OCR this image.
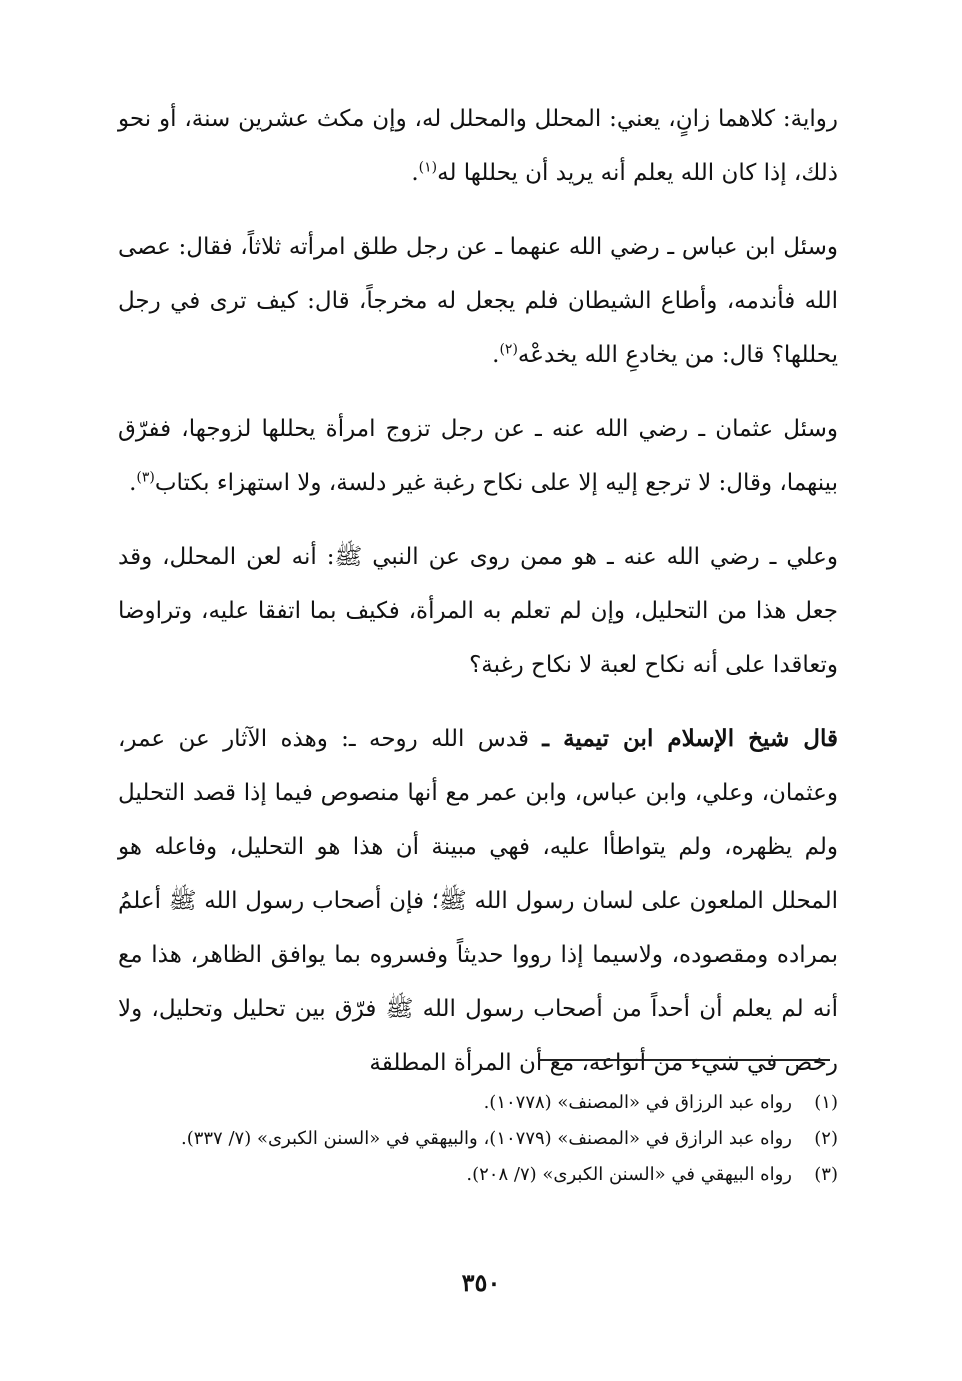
رواية: كلاهما زانٍ، يعني: المحلل والمحلل له، وإن مكث عشرين سنة، أو نحو ذلك، إذا كان الله يعلم أنه يريد أن يحللها له$^{(١)}$.

وسئل ابن عباس ـ رضي الله عنهما ـ عن رجل طلق امرأته ثلاثاً، فقال: عصى الله فأندمه، وأطاع الشيطان فلم يجعل له مخرجاً، قال: كيف ترى في رجل يحللها؟ قال: من يخادعِ الله يخدعْه$^{(٢)}$.

وسئل عثمان ـ رضي الله عنه ـ عن رجل تزوج امرأة يحللها لزوجها، ففرّق بينهما، وقال: لا ترجع إليه إلا على نكاح رغبة غير دلسة، ولا استهزاء بكتاب$^{(٣)}$.

وعلي ـ رضي الله عنه ـ هو ممن روى عن النبي ﷺ: أنه لعن المحلل، وقد جعل هذا من التحليل، وإن لم تعلم به المرأة، فكيف بما اتفقا عليه، وتراوضا وتعاقدا على أنه نكاح لعبة لا نكاح رغبة؟

قال شيخ الإسلام ابن تيمية ـ قدس الله روحه ـ: وهذه الآثار عن عمر، وعثمان، وعلي، وابن عباس، وابن عمر مع أنها منصوص فيما إذا قصد التحليل ولم يظهره، ولم يتواطأا عليه، فهي مبينة أن هذا هو التحليل، وفاعله هو المحلل الملعون على لسان رسول الله ﷺ؛ فإن أصحاب رسول الله ﷺ أعلمُ بمراده ومقصوده، ولاسيما إذا رووا حديثاً وفسروه بما يوافق الظاهر، هذا مع أنه لم يعلم أن أحداً من أصحاب رسول الله ﷺ فرّق بين تحليل وتحليل، ولا رخص في شيء من أنواعه، مع أن المرأة المطلقة

(١)
رواه عبد الرزاق في «المصنف» (١٠٧٧٨).
(٢)
رواه عبد الرازق في «المصنف» (١٠٧٧٩)، والبيهقي في «السنن الكبرى» (٧/ ٣٣٧).
(٣)
رواه البيهقي في «السنن الكبرى» (٧/ ٢٠٨).
٣٥٠
